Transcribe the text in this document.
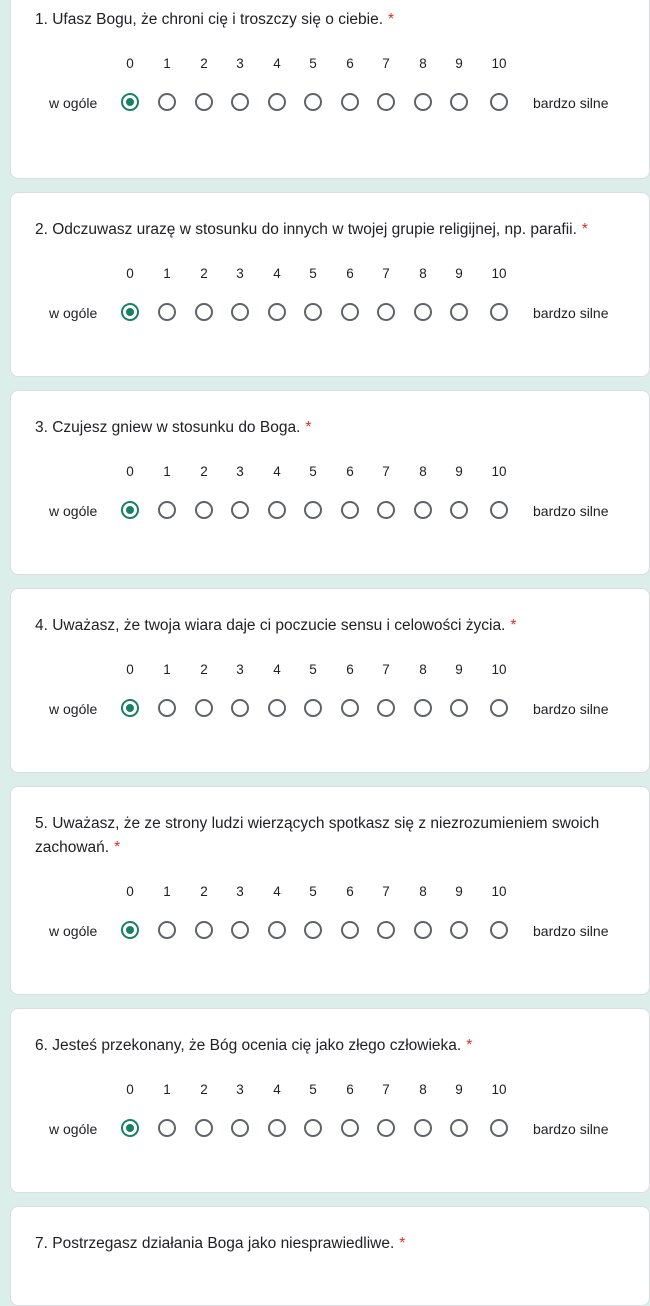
1. Ufasz Bogu, że chroni cię i troszczy się o ciebie. *
0	1	2	3	4	5	6	7	8	9	10
w ogóle	bardzo silne
2. Odczuwasz urazę w stosunku do innych w twojej grupie religijnej, np. parafii. *
0	1	2	3	4	5	6	7	8	9	10
w ogóle	bardzo silne
3. Czujesz gniew w stosunku do Boga. *
0	1	2	3	4	5	6	7	8	9	10
w ogóle	bardzo silne
4. Uważasz, że twoja wiara daje ci poczucie sensu i celowości życia. *
0	1	2	3	4	5	6	7	8	9	10
w ogóle	bardzo silne
5. Uważasz, że ze strony ludzi wierzących spotkasz się z niezrozumieniem swoich zachowań. *
0	1	2	3	4	5	6	7	8	9	10
w ogóle	bardzo silne
6. Jesteś przekonany, że Bóg ocenia cię jako złego człowieka. *
0	1	2	3	4	5	6	7	8	9	10
w ogóle	bardzo silne
7. Postrzegasz działania Boga jako niesprawiedliwe. *
